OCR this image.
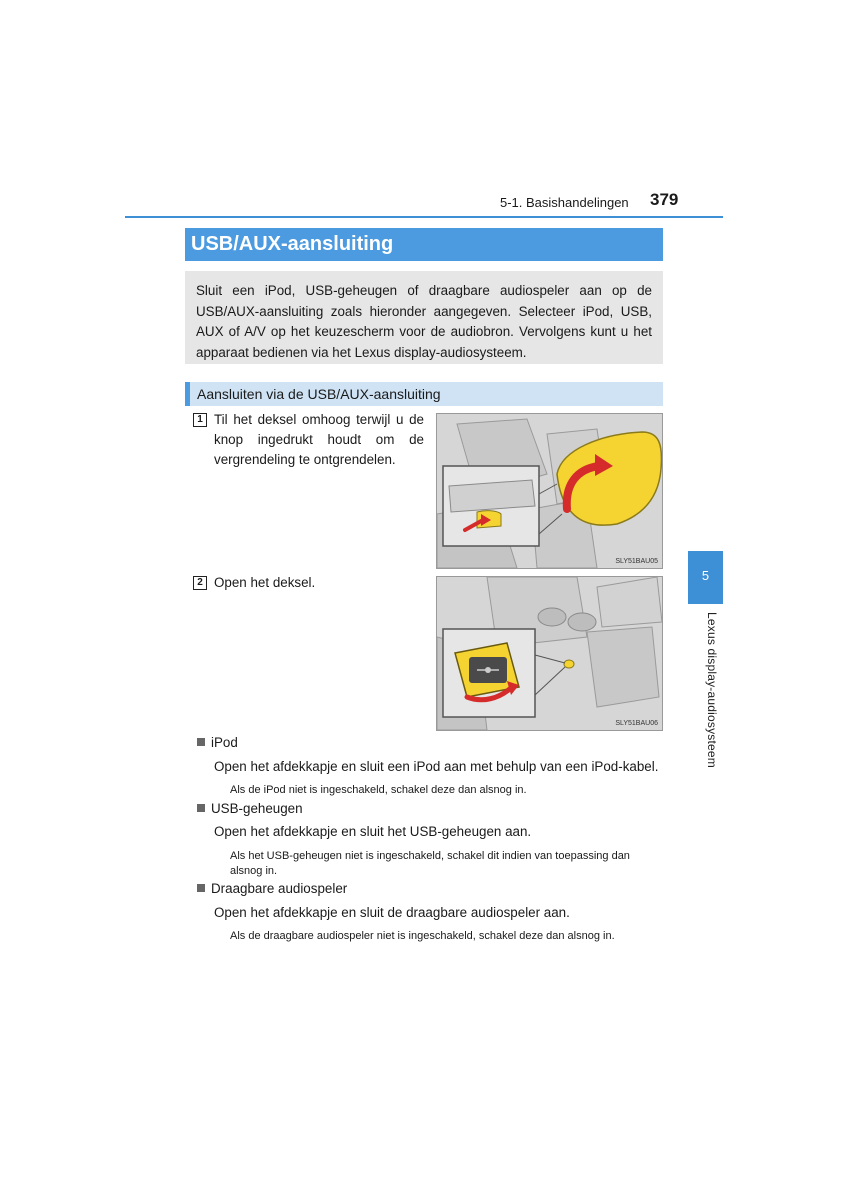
5-1. Basishandelingen 379
5
Lexus display-audiosysteem
USB/AUX-aansluiting
Sluit een iPod, USB-geheugen of draagbare audiospeler aan op de USB/AUX-aansluiting zoals hieronder aangegeven. Selecteer iPod, USB, AUX of A/V op het keuzescherm voor de audiobron. Vervolgens kunt u het apparaat bedienen via het Lexus display-audiosysteem.
Aansluiten via de USB/AUX-aansluiting
1 Til het deksel omhoog terwijl u de knop ingedrukt houdt om de vergrendeling te ontgrendelen.
SLY51BAU05
2 Open het deksel.
SLY51BAU06
iPod
Open het afdekkapje en sluit een iPod aan met behulp van een iPod-kabel.
Als de iPod niet is ingeschakeld, schakel deze dan alsnog in.
USB-geheugen
Open het afdekkapje en sluit het USB-geheugen aan.
Als het USB-geheugen niet is ingeschakeld, schakel dit indien van toepassing dan alsnog in.
Draagbare audiospeler
Open het afdekkapje en sluit de draagbare audiospeler aan.
Als de draagbare audiospeler niet is ingeschakeld, schakel deze dan alsnog in.
